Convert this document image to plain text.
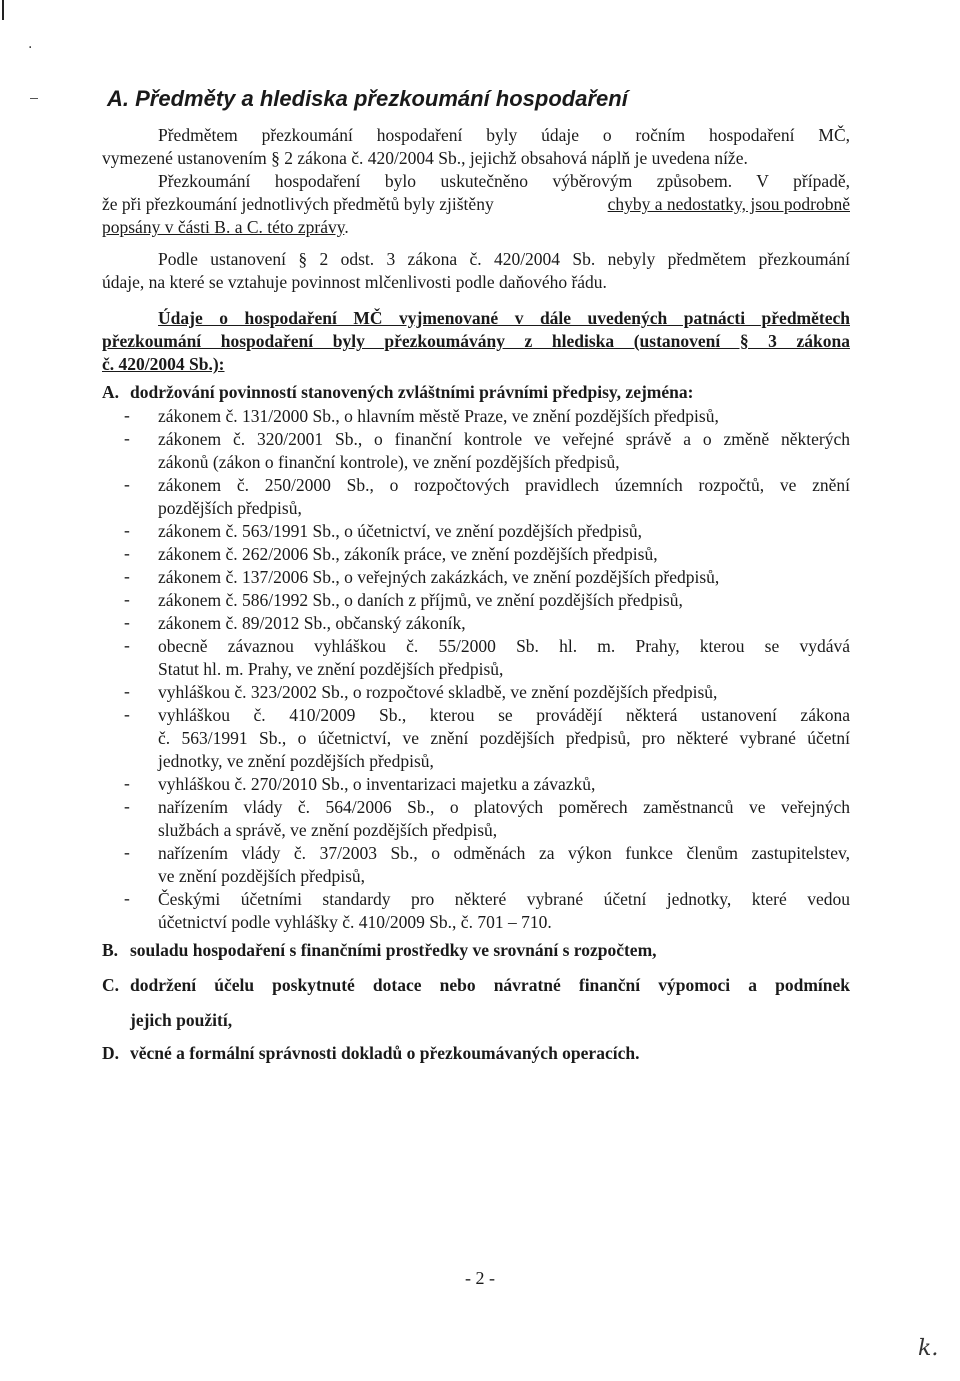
·
A. Předměty a hlediska přezkoumání hospodaření
Předmětem přezkoumání hospodaření byly údaje o ročním hospodaření MČ,
vymezené ustanovením § 2 zákona č. 420/2004 Sb., jejichž obsahová náplň je uvedena níže.
Přezkoumání hospodaření bylo uskutečněno výběrovým způsobem. V případě,
že při přezkoumání jednotlivých předmětů byly zjištěny	chyby a nedostatky, jsou podrobně
popsány v části B. a C. této zprávy.
Podle ustanovení § 2 odst. 3 zákona č. 420/2004 Sb. nebyly předmětem přezkoumání
údaje, na které se vztahuje povinnost mlčenlivosti podle daňového řádu.
Údaje o hospodaření MČ vyjmenované v dále uvedených patnácti předmětech
přezkoumání hospodaření byly přezkoumávány z hlediska (ustanovení § 3 zákona
č. 420/2004 Sb.):
A. dodržování povinností stanovených zvláštními právními předpisy, zejména:
-	zákonem č. 131/2000 Sb., o hlavním městě Praze, ve znění pozdějších předpisů,
-	zákonem č. 320/2001 Sb., o finanční kontrole ve veřejné správě a o změně některých
zákonů (zákon o finanční kontrole), ve znění pozdějších předpisů,
-	zákonem č. 250/2000 Sb., o rozpočtových pravidlech územních rozpočtů, ve znění
pozdějších předpisů,
-	zákonem č. 563/1991 Sb., o účetnictví, ve znění pozdějších předpisů,
-	zákonem č. 262/2006 Sb., zákoník práce, ve znění pozdějších předpisů,
-	zákonem č. 137/2006 Sb., o veřejných zakázkách, ve znění pozdějších předpisů,
-	zákonem č. 586/1992 Sb., o daních z příjmů, ve znění pozdějších předpisů,
-	zákonem č. 89/2012 Sb., občanský zákoník,
-	obecně závaznou vyhláškou č. 55/2000 Sb. hl. m. Prahy, kterou se vydává
Statut hl. m. Prahy, ve znění pozdějších předpisů,
-	vyhláškou č. 323/2002 Sb., o rozpočtové skladbě, ve znění pozdějších předpisů,
-	vyhláškou č. 410/2009 Sb., kterou se provádějí některá ustanovení zákona
č. 563/1991 Sb., o účetnictví, ve znění pozdějších předpisů, pro některé vybrané účetní
jednotky, ve znění pozdějších předpisů,
-	vyhláškou č. 270/2010 Sb., o inventarizaci majetku a závazků,
-	nařízením vlády č. 564/2006 Sb., o platových poměrech zaměstnanců ve veřejných
službách a správě, ve znění pozdějších předpisů,
-	nařízením vlády č. 37/2003 Sb., o odměnách za výkon funkce členům zastupitelstev,
ve znění pozdějších předpisů,
-	Českými účetními standardy pro některé vybrané účetní jednotky, které vedou
účetnictví podle vyhlášky č. 410/2009 Sb., č. 701 – 710.
B. souladu hospodaření s finančními prostředky ve srovnání s rozpočtem,
C. dodržení účelu poskytnuté dotace nebo návratné finanční výpomoci a podmínek
jejich použití,
D. věcné a formální správnosti dokladů o přezkoumávaných operacích.
- 2 -
k.
